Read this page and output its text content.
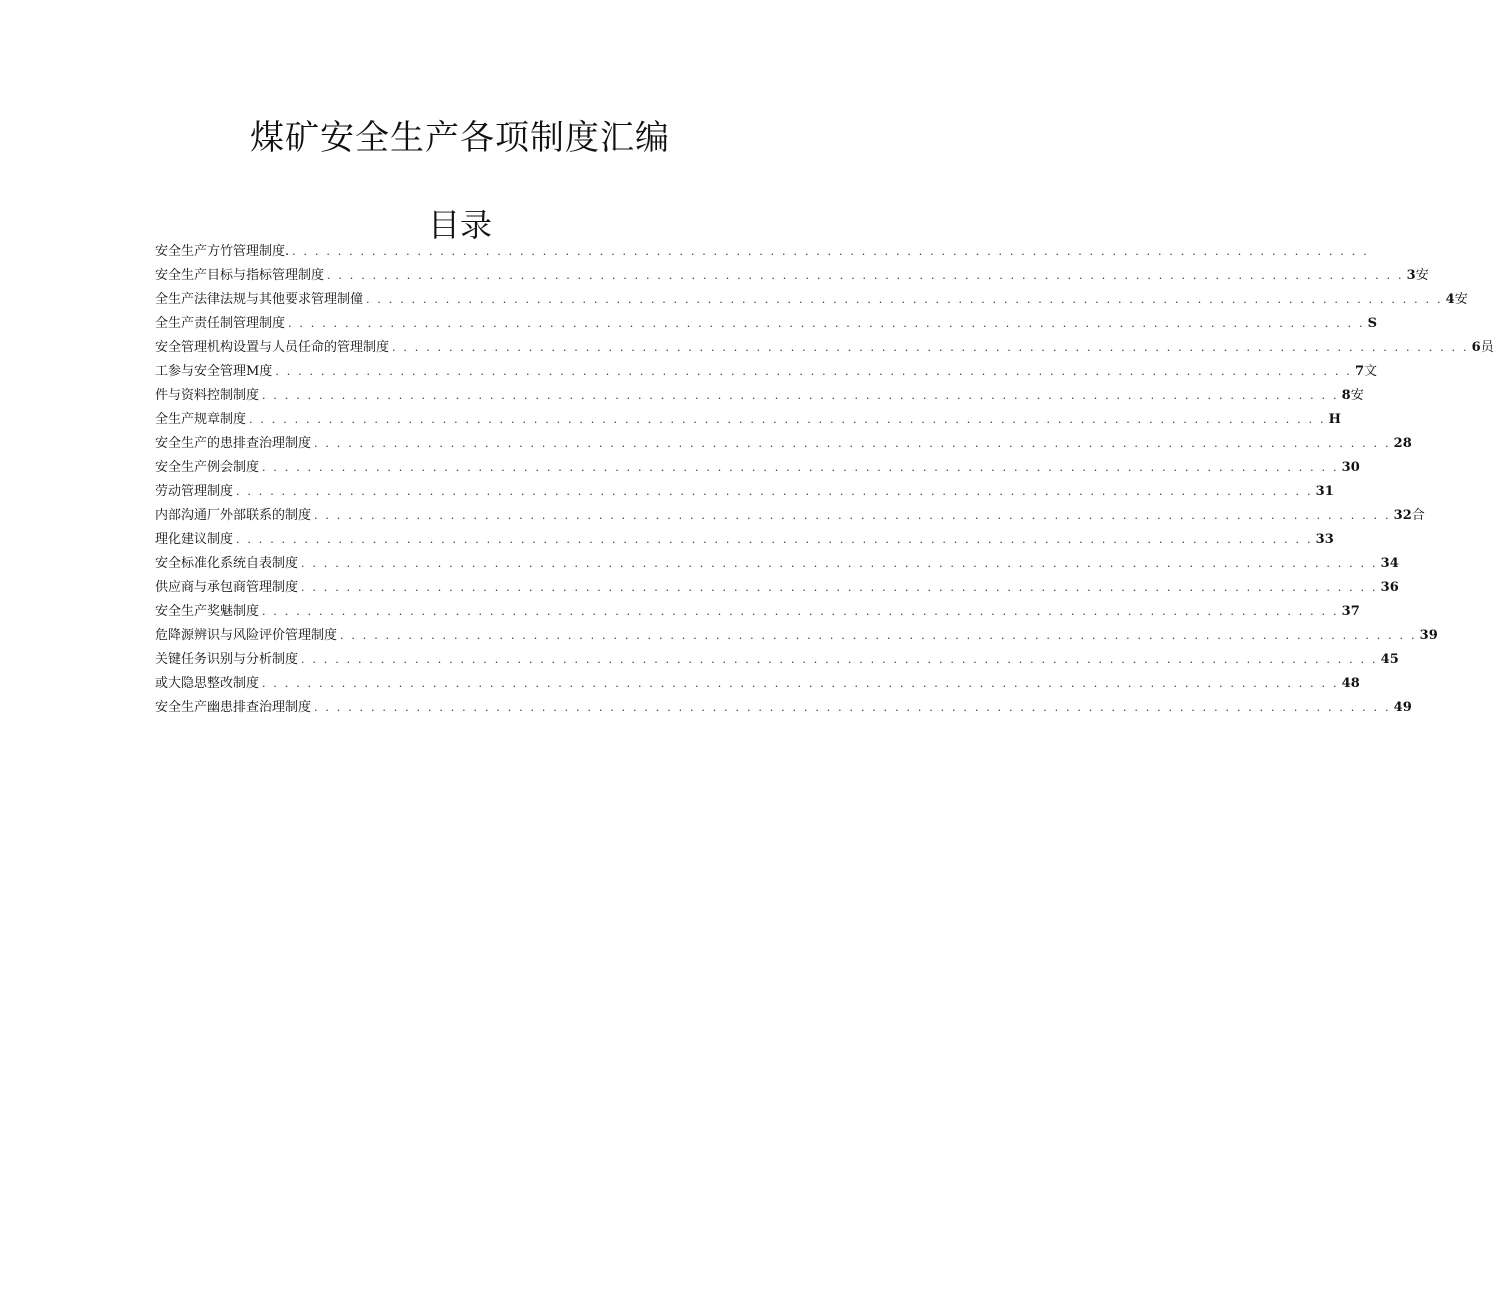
煤矿安全生产各项制度汇编
目录
安全生产方竹管理制度. . . . . . . . . . . . . . . . . . . . . . . . . . . . . . . . . . . . . . . . . . . . . . . . . . . . . . . . . . . . . . . . . . . . . . . . . . . . . . . . . . . . . . . . . . . . . . . .
安全生产目标与指标管理制度 . . . . . . . . . . . . . . . . . . . . . . . . . . . . . . . . . . . . . . . . . . . . . . . . . . . . . . . . . . . . . . . . . . . . . . . . . . . . . . . . . . . . . . . . . . . . . . . 3 安
全生产法律法规与其他要求管理制僮 . . . . . . . . . . . . . . . . . . . . . . . . . . . . . . . . . . . . . . . . . . . . . . . . . . . . . . . . . . . . . . . . . . . . . . . . . . . . . . . . . . . . . . . . . . . . . . . 4 安
全生产责任制管理制度 . . . . . . . . . . . . . . . . . . . . . . . . . . . . . . . . . . . . . . . . . . . . . . . . . . . . . . . . . . . . . . . . . . . . . . . . . . . . . . . . . . . . . . . . . . . . . . . S
安全管理机构设置与人员任命的管理制度 . . . . . . . . . . . . . . . . . . . . . . . . . . . . . . . . . . . . . . . . . . . . . . . . . . . . . . . . . . . . . . . . . . . . . . . . . . . . . . . . . . . . . . . . . . . . . . . 6 员
工参与安全管理M度 . . . . . . . . . . . . . . . . . . . . . . . . . . . . . . . . . . . . . . . . . . . . . . . . . . . . . . . . . . . . . . . . . . . . . . . . . . . . . . . . . . . . . . . . . . . . . . . 7 文
件与资料控制制度 . . . . . . . . . . . . . . . . . . . . . . . . . . . . . . . . . . . . . . . . . . . . . . . . . . . . . . . . . . . . . . . . . . . . . . . . . . . . . . . . . . . . . . . . . . . . . . . 8 安
全生产规章制度 . . . . . . . . . . . . . . . . . . . . . . . . . . . . . . . . . . . . . . . . . . . . . . . . . . . . . . . . . . . . . . . . . . . . . . . . . . . . . . . . . . . . . . . . . . . . . . . H
安全生产的患排查治理制度 . . . . . . . . . . . . . . . . . . . . . . . . . . . . . . . . . . . . . . . . . . . . . . . . . . . . . . . . . . . . . . . . . . . . . . . . . . . . . . . . . . . . . . . . . . . . . . . 28
安全生产例会制度 . . . . . . . . . . . . . . . . . . . . . . . . . . . . . . . . . . . . . . . . . . . . . . . . . . . . . . . . . . . . . . . . . . . . . . . . . . . . . . . . . . . . . . . . . . . . . . . 30
劳动管理制度 . . . . . . . . . . . . . . . . . . . . . . . . . . . . . . . . . . . . . . . . . . . . . . . . . . . . . . . . . . . . . . . . . . . . . . . . . . . . . . . . . . . . . . . . . . . . . . . 31
内部沟通厂外部联系的制度 . . . . . . . . . . . . . . . . . . . . . . . . . . . . . . . . . . . . . . . . . . . . . . . . . . . . . . . . . . . . . . . . . . . . . . . . . . . . . . . . . . . . . . . . . . . . . . . 32 合
理化建议制度 . . . . . . . . . . . . . . . . . . . . . . . . . . . . . . . . . . . . . . . . . . . . . . . . . . . . . . . . . . . . . . . . . . . . . . . . . . . . . . . . . . . . . . . . . . . . . . . 33
安全标准化系统自表制度 . . . . . . . . . . . . . . . . . . . . . . . . . . . . . . . . . . . . . . . . . . . . . . . . . . . . . . . . . . . . . . . . . . . . . . . . . . . . . . . . . . . . . . . . . . . . . . . 34
供应商与承包商管理制度 . . . . . . . . . . . . . . . . . . . . . . . . . . . . . . . . . . . . . . . . . . . . . . . . . . . . . . . . . . . . . . . . . . . . . . . . . . . . . . . . . . . . . . . . . . . . . . . 36
安全生产奖魅制度 . . . . . . . . . . . . . . . . . . . . . . . . . . . . . . . . . . . . . . . . . . . . . . . . . . . . . . . . . . . . . . . . . . . . . . . . . . . . . . . . . . . . . . . . . . . . . . . 37
危降源辨识与风险评价管理制度 . . . . . . . . . . . . . . . . . . . . . . . . . . . . . . . . . . . . . . . . . . . . . . . . . . . . . . . . . . . . . . . . . . . . . . . . . . . . . . . . . . . . . . . . . . . . . . . 39
关键任务识别与分析制度 . . . . . . . . . . . . . . . . . . . . . . . . . . . . . . . . . . . . . . . . . . . . . . . . . . . . . . . . . . . . . . . . . . . . . . . . . . . . . . . . . . . . . . . . . . . . . . . 45
或大隐思整改制度 . . . . . . . . . . . . . . . . . . . . . . . . . . . . . . . . . . . . . . . . . . . . . . . . . . . . . . . . . . . . . . . . . . . . . . . . . . . . . . . . . . . . . . . . . . . . . . . 48
安全生产幽患排查治理制度 . . . . . . . . . . . . . . . . . . . . . . . . . . . . . . . . . . . . . . . . . . . . . . . . . . . . . . . . . . . . . . . . . . . . . . . . . . . . . . . . . . . . . . . . . . . . . . . 49
